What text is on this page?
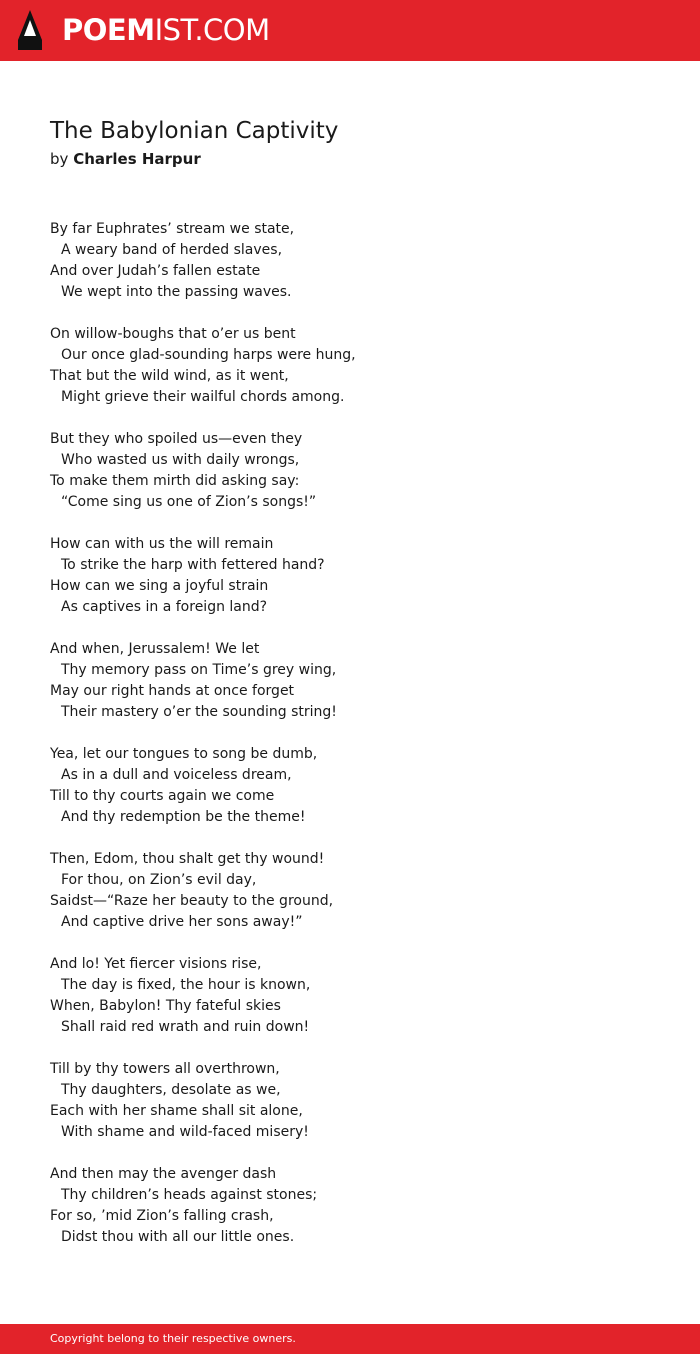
POEMIST.COM
The Babylonian Captivity
by Charles Harpur
By far Euphrates’ stream we state,
A weary band of herded slaves,
And over Judah’s fallen estate
We wept into the passing waves.
On willow-boughs that o’er us bent
Our once glad-sounding harps were hung,
That but the wild wind, as it went,
Might grieve their wailful chords among.
But they who spoiled us—even they
Who wasted us with daily wrongs,
To make them mirth did asking say:
“Come sing us one of Zion’s songs!”
How can with us the will remain
To strike the harp with fettered hand?
How can we sing a joyful strain
As captives in a foreign land?
And when, Jerussalem! We let
Thy memory pass on Time’s grey wing,
May our right hands at once forget
Their mastery o’er the sounding string!
Yea, let our tongues to song be dumb,
As in a dull and voiceless dream,
Till to thy courts again we come
And thy redemption be the theme!
Then, Edom, thou shalt get thy wound!
For thou, on Zion’s evil day,
Saidst—“Raze her beauty to the ground,
And captive drive her sons away!”
And lo! Yet fiercer visions rise,
The day is fixed, the hour is known,
When, Babylon! Thy fateful skies
Shall raid red wrath and ruin down!
Till by thy towers all overthrown,
Thy daughters, desolate as we,
Each with her shame shall sit alone,
With shame and wild-faced misery!
And then may the avenger dash
Thy children’s heads against stones;
For so, ’mid Zion’s falling crash,
Didst thou with all our little ones.
Copyright belong to their respective owners.
